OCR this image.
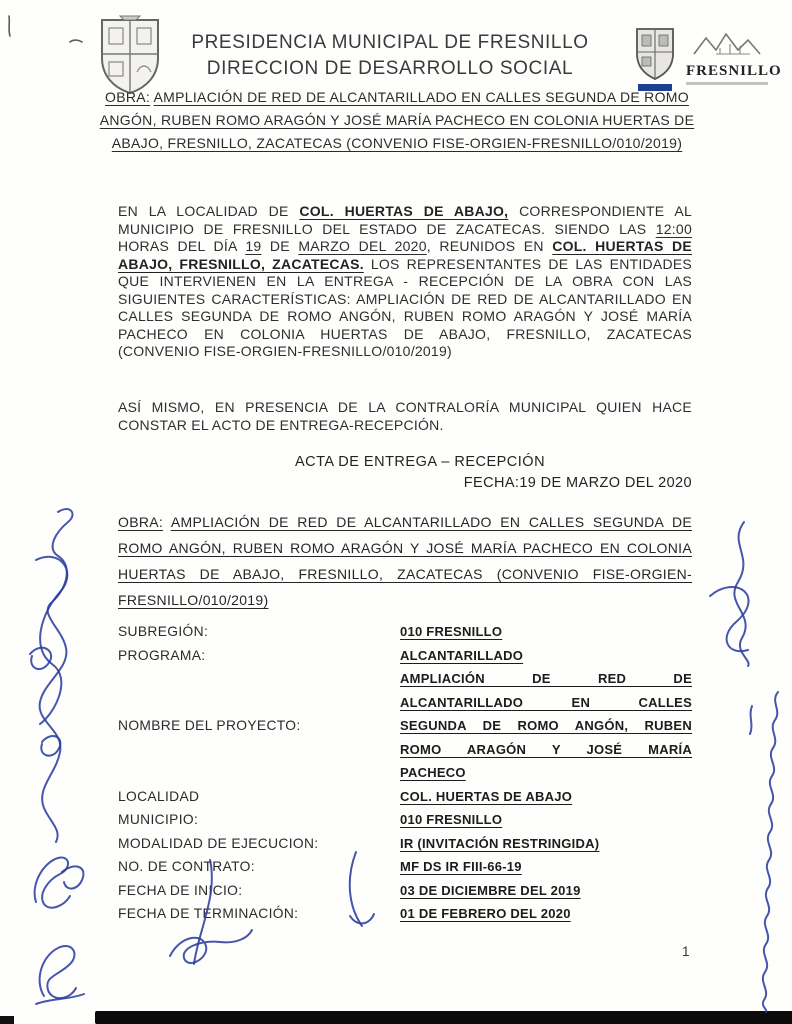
PRESIDENCIA MUNICIPAL DE FRESNILLO

DIRECCION DE DESARROLLO SOCIAL	FRESNILLO

OBRA: AMPLIACIÓN DE RED DE ALCANTARILLADO EN CALLES SEGUNDA DE ROMO ANGÓN, RUBEN ROMO ARAGÓN Y JOSÉ MARÍA PACHECO EN COLONIA HUERTAS DE ABAJO, FRESNILLO, ZACATECAS (CONVENIO FISE-ORGIEN-FRESNILLO/010/2019)

EN LA LOCALIDAD DE COL. HUERTAS DE ABAJO, CORRESPONDIENTE AL MUNICIPIO DE FRESNILLO DEL ESTADO DE ZACATECAS. SIENDO LAS 12:00 HORAS DEL DÍA 19 DE MARZO DEL 2020, REUNIDOS EN COL. HUERTAS DE ABAJO, FRESNILLO, ZACATECAS. LOS REPRESENTANTES DE LAS ENTIDADES QUE INTERVIENEN EN LA ENTREGA - RECEPCIÓN DE LA OBRA CON LAS SIGUIENTES CARACTERÍSTICAS: AMPLIACIÓN DE RED DE ALCANTARILLADO EN CALLES SEGUNDA DE ROMO ANGÓN, RUBEN ROMO ARAGÓN Y JOSÉ MARÍA PACHECO EN COLONIA HUERTAS DE ABAJO, FRESNILLO, ZACATECAS (CONVENIO FISE-ORGIEN-FRESNILLO/010/2019)

ASÍ MISMO, EN PRESENCIA DE LA CONTRALORÍA MUNICIPAL QUIEN HACE CONSTAR EL ACTO DE ENTREGA-RECEPCIÓN.

ACTA DE ENTREGA – RECEPCIÓN

FECHA:19 DE MARZO DEL 2020

OBRA: AMPLIACIÓN DE RED DE ALCANTARILLADO EN CALLES SEGUNDA DE ROMO ANGÓN, RUBEN ROMO ARAGÓN Y JOSÉ MARÍA PACHECO EN COLONIA HUERTAS DE ABAJO, FRESNILLO, ZACATECAS (CONVENIO FISE-ORGIEN-FRESNILLO/010/2019)

SUBREGIÓN:	010 FRESNILLO
PROGRAMA:	ALCANTARILLADO
NOMBRE DEL PROYECTO:
AMPLIACIÓN DE RED DE
ALCANTARILLADO EN CALLES
SEGUNDA DE ROMO ANGÓN, RUBEN
ROMO ARAGÓN Y JOSÉ MARÍA
PACHECO
LOCALIDAD	COL. HUERTAS DE ABAJO
MUNICIPIO:	010 FRESNILLO
MODALIDAD DE EJECUCION:	IR (INVITACIÓN RESTRINGIDA)
NO. DE CONTRATO:	MF DS IR FIII-66-19
FECHA DE INICIO:	03 DE DICIEMBRE DEL 2019
FECHA DE TERMINACIÓN:	01 DE FEBRERO DEL 2020

1
